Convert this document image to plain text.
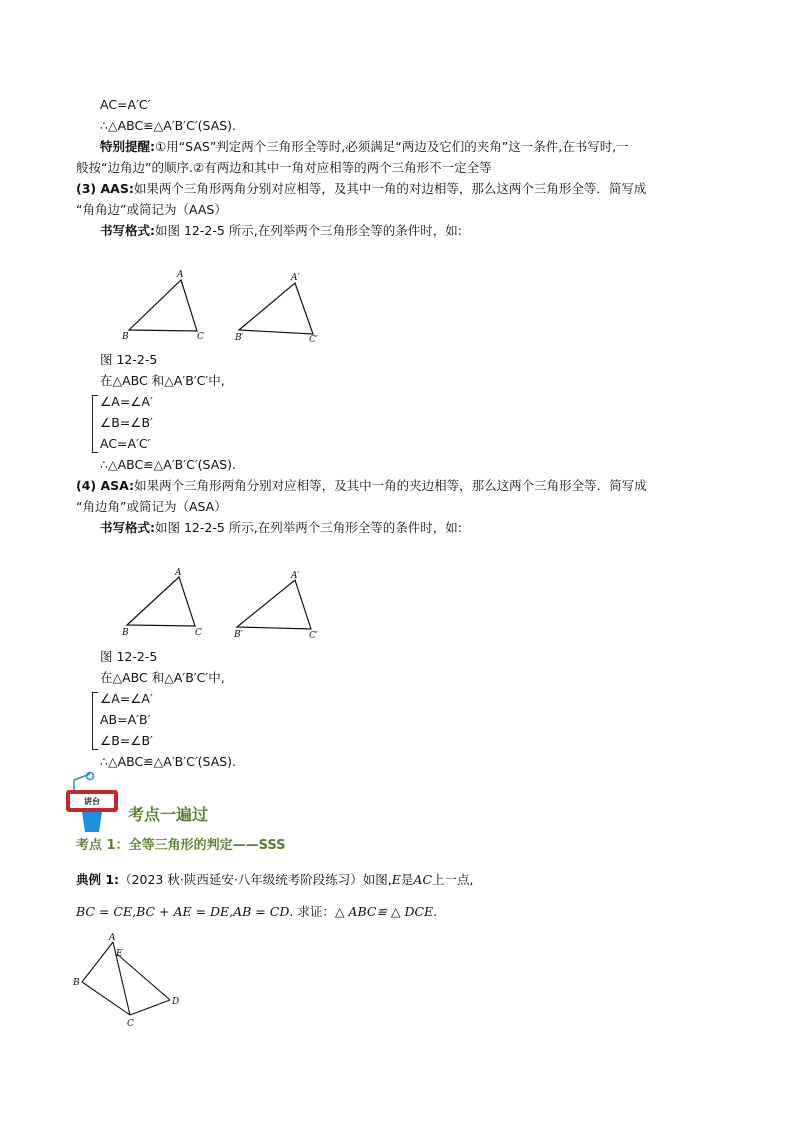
AC=A′C′
∴△ABC≌△A′B′C′(SAS).
特别提醒:①用“SAS”判定两个三角形全等时,必须满足“两边及它们的夹角”这一条件,在书写时,一
般按“边角边”的顺序.②有两边和其中一角对应相等的两个三角形不一定全等
(3) AAS:如果两个三角形两角分别对应相等，及其中一角的对边相等，那么这两个三角形全等．简写成
“角角边”或简记为（AAS）
书写格式:如图 12-2-5 所示,在列举两个三角形全等的条件时，如:
A
B	C
A′
B′	C′
图 12-2-5
在△ABC 和△A′B′C′中,
∠A=∠A′
∠B=∠B′
AC=A′C′
∴△ABC≌△A′B′C′(SAS).
(4) ASA:如果两个三角形两角分别对应相等，及其中一角的夹边相等，那么这两个三角形全等．简写成
“角边角”或简记为（ASA）
书写格式:如图 12-2-5 所示,在列举两个三角形全等的条件时，如:
A
B	C
A′
B′	C′
图 12-2-5
在△ABC 和△A′B′C′中,
∠A=∠A′
AB=A′B′
∠B=∠B′
∴△ABC≌△A′B′C′(SAS).
讲台
考点一遍过
考点 1：全等三角形的判定——SSS
典例 1:（2023 秋·陕西延安·八年级统考阶段练习）如图,E是AC上一点,
BC = CE,BC + AE = DE,AB = CD. 求证：△ ABC≌ △ DCE.
A
E
B
C
D
